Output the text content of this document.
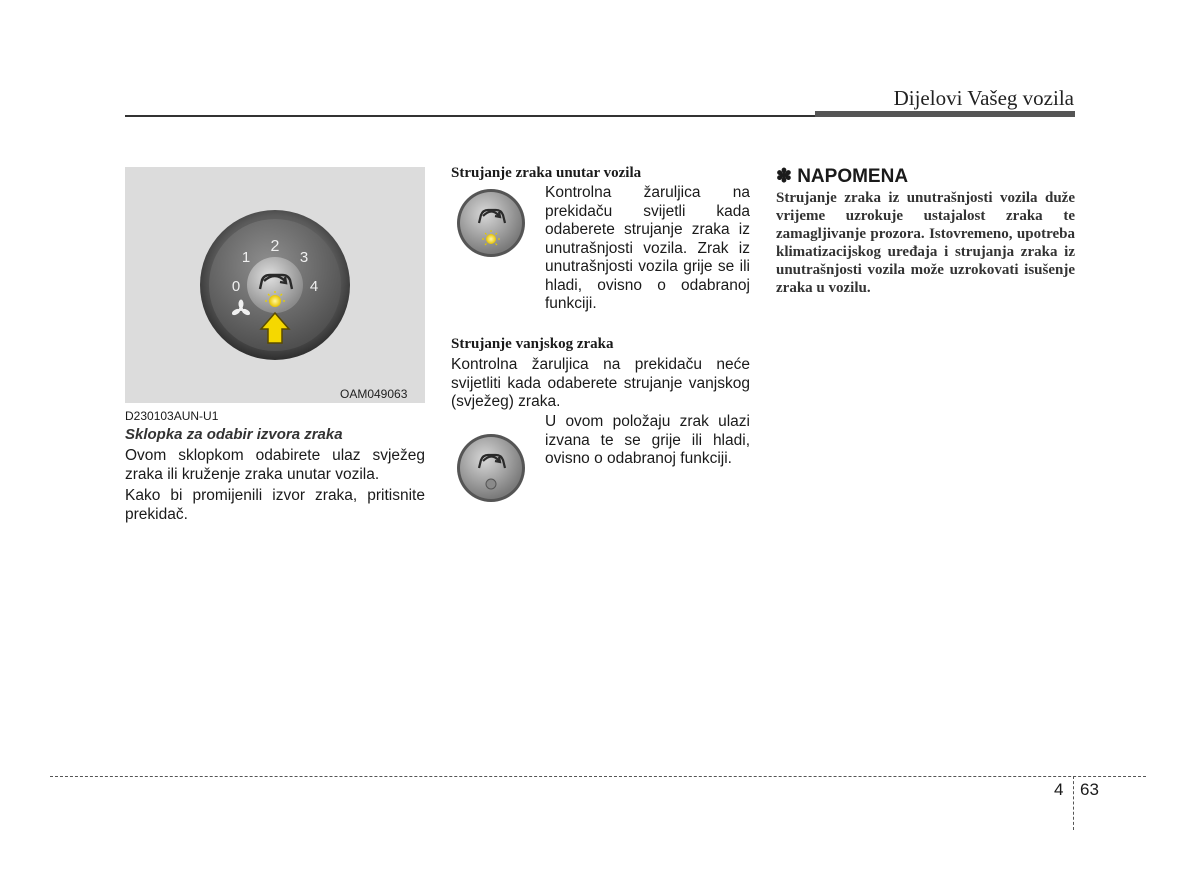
Dijelovi Vašeg vozila
2
1	3
0	4
OAM049063
D230103AUN-U1
Sklopka za odabir izvora zraka
Ovom sklopkom odabirete ulaz svježeg zraka ili kruženje zraka unutar vozila.
Kako bi promijenili izvor zraka, pritisnite prekidač.
Strujanje zraka unutar vozila
Kontrolna žaruljica na prekidaču svijetli kada odaberete strujanje zraka iz unutrašnjosti vozila. Zrak iz unutrašnjosti vozila grije se ili hladi, ovisno o odabranoj funkciji.
Strujanje vanjskog zraka
Kontrolna žaruljica na prekidaču neće svijetliti kada odaberete strujanje vanjskog (svježeg) zraka.
U ovom položaju zrak ulazi izvana te se grije ili hladi, ovisno o odabranoj funkciji.
✽ NAPOMENA
Strujanje zraka iz unutrašnjosti vozila duže vrijeme uzrokuje ustajalost zraka te zamagljivanje prozora. Istovremeno, upotreba klimatizacijskog uređaja i strujanja zraka iz unutrašnjosti vozila može uzrokovati isušenje zraka u vozilu.
4 63
